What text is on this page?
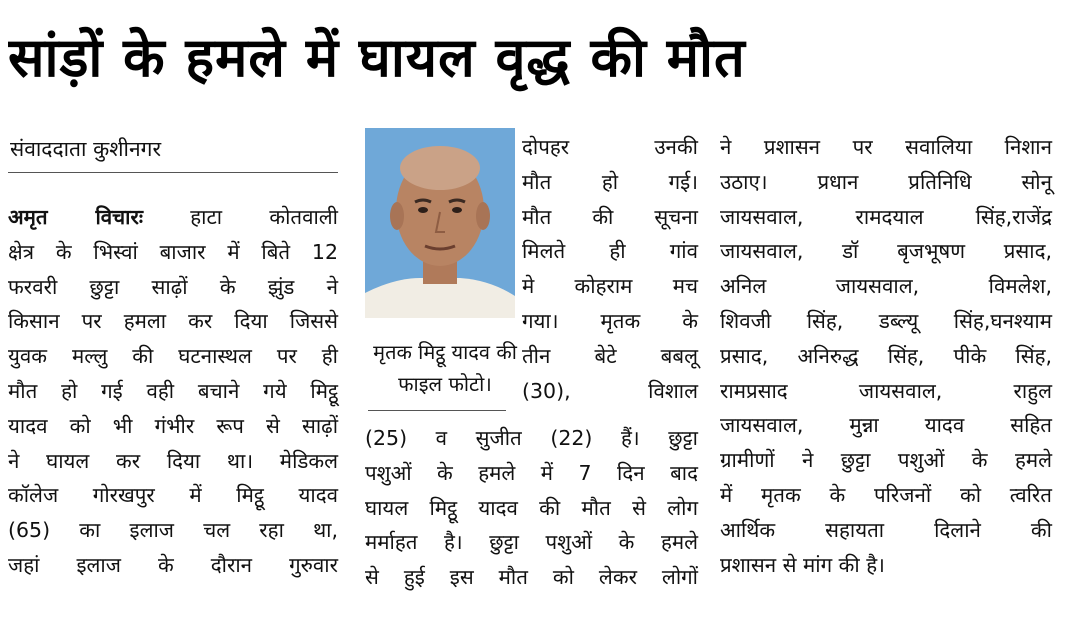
सांड़ों के हमले में घायल वृद्ध की मौत
संवाददाता कुशीनगर
अमृत विचारः हाटा कोतवाली
क्षेत्र के भिस्वां बाजार में बिते 12
फरवरी छुट्टा साढ़ों के झुंड ने
किसान पर हमला कर दिया जिससे
युवक मल्लु की घटनास्थल पर ही
मौत हो गई वही बचाने गये मिट्ठू
यादव को भी गंभीर रूप से साढ़ों
ने घायल कर दिया था। मेडिकल
कॉलेज गोरखपुर में मिट्ठू यादव
(65) का इलाज चल रहा था,
जहां इलाज के दौरान गुरुवार
मृतक मिट्ठू यादव की
फाइल फोटो।
दोपहर उनकी
मौत हो गई।
मौत की सूचना
मिलते ही गांव
मे कोहराम मच
गया। मृतक के
तीन बेटे बबलू
(30), विशाल
(25) व सुजीत (22) हैं। छुट्टा
पशुओं के हमले में 7 दिन बाद
घायल मिट्ठू यादव की मौत से लोग
मर्माहत है। छुट्टा पशुओं के हमले
से हुई इस मौत को लेकर लोगों
ने प्रशासन पर सवालिया निशान
उठाए। प्रधान प्रतिनिधि सोनू
जायसवाल, रामदयाल सिंह,राजेंद्र
जायसवाल, डॉ बृजभूषण प्रसाद,
अनिल जायसवाल, विमलेश,
शिवजी सिंह, डब्ल्यू सिंह,घनश्याम
प्रसाद, अनिरुद्ध सिंह, पीके सिंह,
रामप्रसाद जायसवाल, राहुल
जायसवाल, मुन्ना यादव सहित
ग्रामीणों ने छुट्टा पशुओं के हमले
में मृतक के परिजनों को त्वरित
आर्थिक सहायता दिलाने की
प्रशासन से मांग की है।
